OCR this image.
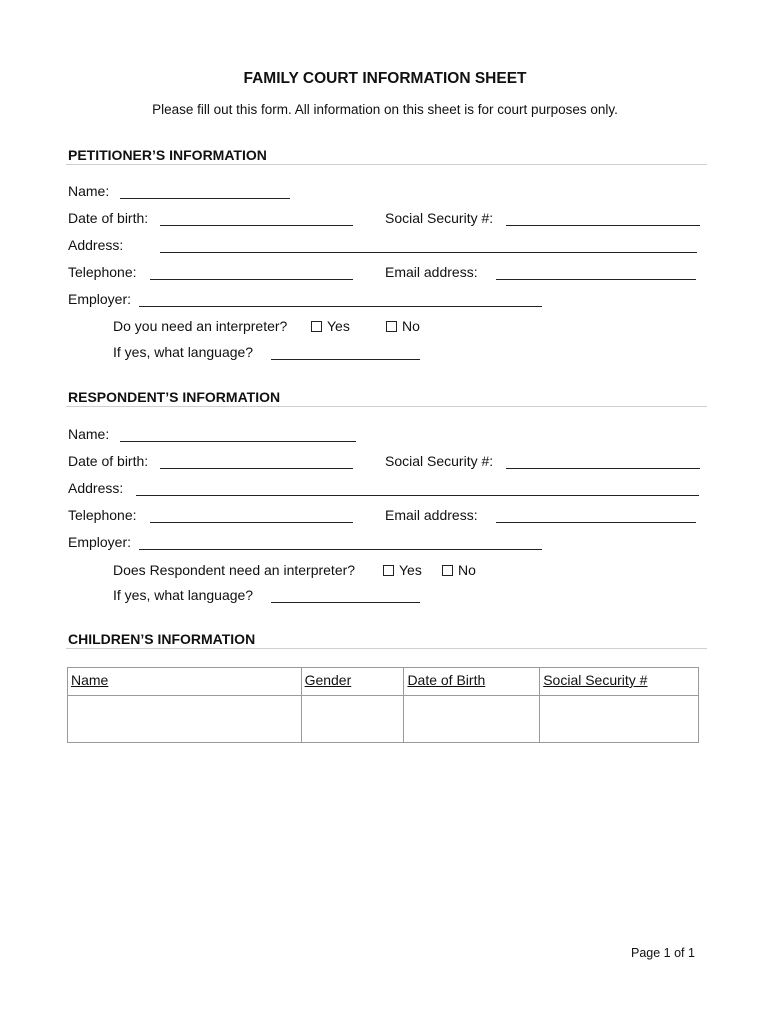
FAMILY COURT INFORMATION SHEET
Please fill out this form. All information on this sheet is for court purposes only.
PETITIONER’S INFORMATION
Name:
Date of birth:	Social Security #:
Address:
Telephone:	Email address:
Employer:
Do you need an interpreter?	Yes	No
If yes, what language?
RESPONDENT’S INFORMATION
Name:
Date of birth:	Social Security #:
Address:
Telephone:	Email address:
Employer:
Does Respondent need an interpreter?	Yes	No
If yes, what language?
CHILDREN’S INFORMATION
Name	Gender	Date of Birth	Social Security #

Page 1 of 1
